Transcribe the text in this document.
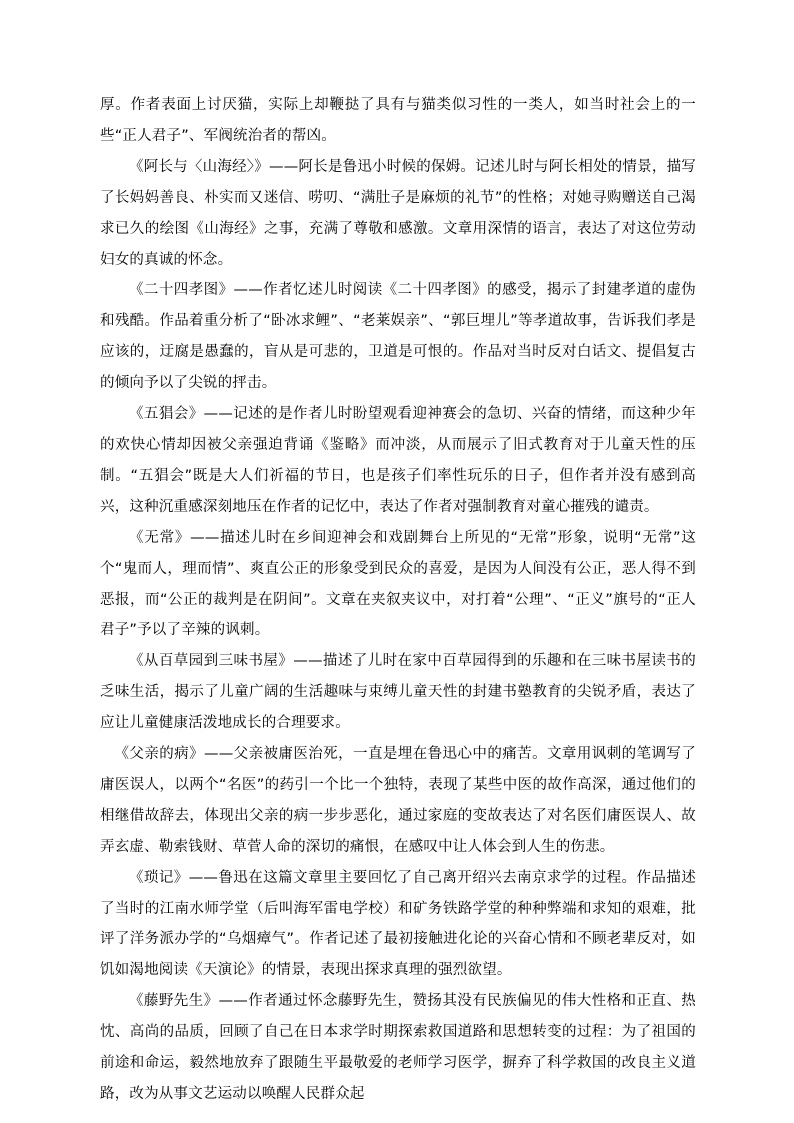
厚。作者表面上讨厌猫，实际上却鞭挞了具有与猫类似习性的一类人，如当时社会上的一些“正人君子”、军阀统治者的帮凶。

《阿长与〈山海经〉》——阿长是鲁迅小时候的保姆。记述儿时与阿长相处的情景，描写了长妈妈善良、朴实而又迷信、唠叨、“满肚子是麻烦的礼节”的性格；对她寻购赠送自己渴求已久的绘图《山海经》之事，充满了尊敬和感激。文章用深情的语言，表达了对这位劳动妇女的真诚的怀念。

《二十四孝图》——作者忆述儿时阅读《二十四孝图》的感受，揭示了封建孝道的虚伪和残酷。作品着重分析了“卧冰求鲤”、“老莱娱亲”、“郭巨埋儿”等孝道故事，告诉我们孝是应该的，迂腐是愚蠢的，盲从是可悲的，卫道是可恨的。作品对当时反对白话文、提倡复古的倾向予以了尖锐的抨击。

《五猖会》——记述的是作者儿时盼望观看迎神赛会的急切、兴奋的情绪，而这种少年的欢快心情却因被父亲强迫背诵《鉴略》而冲淡，从而展示了旧式教育对于儿童天性的压制。“五猖会”既是大人们祈福的节日，也是孩子们率性玩乐的日子，但作者并没有感到高兴，这种沉重感深刻地压在作者的记忆中，表达了作者对强制教育对童心摧残的谴责。

《无常》——描述儿时在乡间迎神会和戏剧舞台上所见的“无常”形象，说明“无常”这个“鬼而人，理而情”、爽直公正的形象受到民众的喜爱，是因为人间没有公正，恶人得不到恶报，而“公正的裁判是在阴间”。文章在夹叙夹议中，对打着“公理”、“正义”旗号的“正人君子”予以了辛辣的讽刺。

《从百草园到三味书屋》——描述了儿时在家中百草园得到的乐趣和在三味书屋读书的乏味生活，揭示了儿童广阔的生活趣味与束缚儿童天性的封建书塾教育的尖锐矛盾，表达了应让儿童健康活泼地成长的合理要求。

《父亲的病》——父亲被庸医治死，一直是埋在鲁迅心中的痛苦。文章用讽刺的笔调写了庸医误人，以两个“名医”的药引一个比一个独特，表现了某些中医的故作高深，通过他们的相继借故辞去，体现出父亲的病一步步恶化，通过家庭的变故表达了对名医们庸医误人、故弄玄虚、勒索钱财、草菅人命的深切的痛恨，在感叹中让人体会到人生的伤悲。

《琐记》——鲁迅在这篇文章里主要回忆了自己离开绍兴去南京求学的过程。作品描述了当时的江南水师学堂（后叫海军雷电学校）和矿务铁路学堂的种种弊端和求知的艰难，批评了洋务派办学的“乌烟瘴气”。作者记述了最初接触进化论的兴奋心情和不顾老辈反对，如饥如渴地阅读《天演论》的情景，表现出探求真理的强烈欲望。

《藤野先生》——作者通过怀念藤野先生，赞扬其没有民族偏见的伟大性格和正直、热忱、高尚的品质，回顾了自己在日本求学时期探索救国道路和思想转变的过程：为了祖国的前途和命运，毅然地放弃了跟随生平最敬爱的老师学习医学，摒弃了科学救国的改良主义道路，改为从事文艺运动以唤醒人民群众起
